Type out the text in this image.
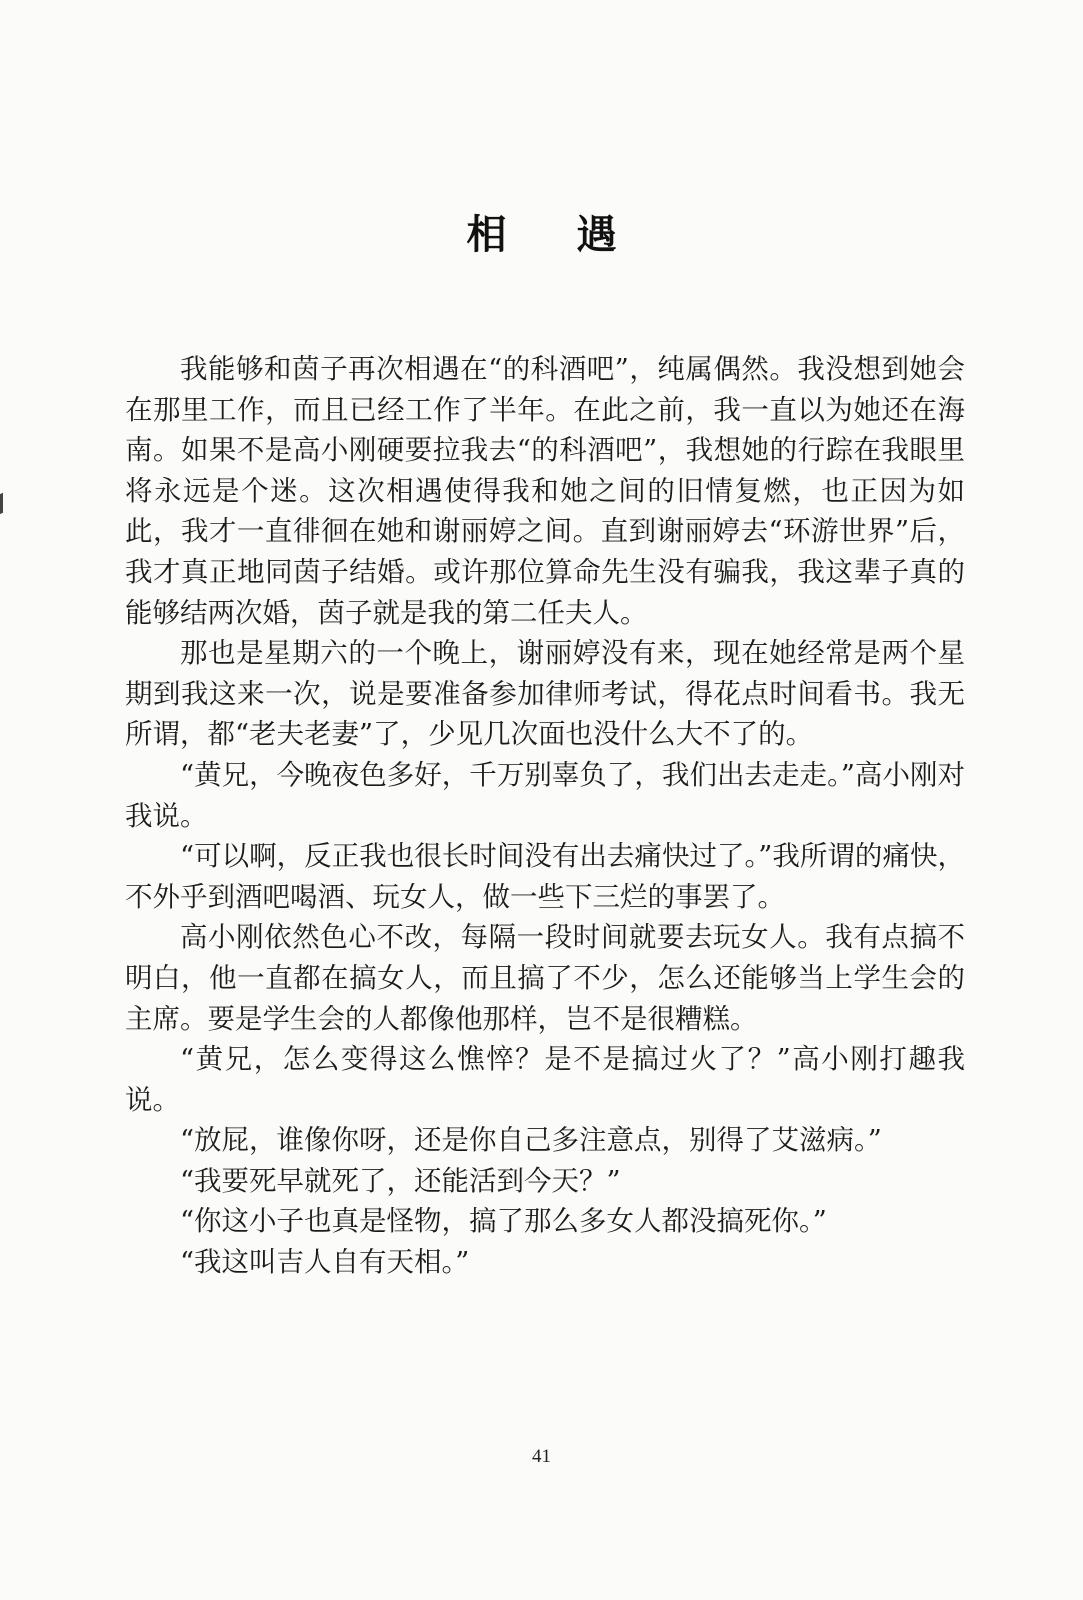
相 遇

我能够和茵子再次相遇在“的科酒吧”，纯属偶然。我没想到她会在那里工作，而且已经工作了半年。在此之前，我一直以为她还在海南。如果不是高小刚硬要拉我去“的科酒吧”，我想她的行踪在我眼里将永远是个迷。这次相遇使得我和她之间的旧情复燃，也正因为如此，我才一直徘徊在她和谢丽婷之间。直到谢丽婷去“环游世界”后，我才真正地同茵子结婚。或许那位算命先生没有骗我，我这辈子真的能够结两次婚，茵子就是我的第二任夫人。

那也是星期六的一个晚上，谢丽婷没有来，现在她经常是两个星期到我这来一次，说是要准备参加律师考试，得花点时间看书。我无所谓，都“老夫老妻”了，少见几次面也没什么大不了的。

“黄兄，今晚夜色多好，千万别辜负了，我们出去走走。”高小刚对我说。

“可以啊，反正我也很长时间没有出去痛快过了。”我所谓的痛快，不外乎到酒吧喝酒、玩女人，做一些下三烂的事罢了。

高小刚依然色心不改，每隔一段时间就要去玩女人。我有点搞不明白，他一直都在搞女人，而且搞了不少，怎么还能够当上学生会的主席。要是学生会的人都像他那样，岂不是很糟糕。

“黄兄，怎么变得这么憔悴？是不是搞过火了？”高小刚打趣我说。

“放屁，谁像你呀，还是你自己多注意点，别得了艾滋病。”

“我要死早就死了，还能活到今天？”

“你这小子也真是怪物，搞了那么多女人都没搞死你。”

“我这叫吉人自有天相。”

41
